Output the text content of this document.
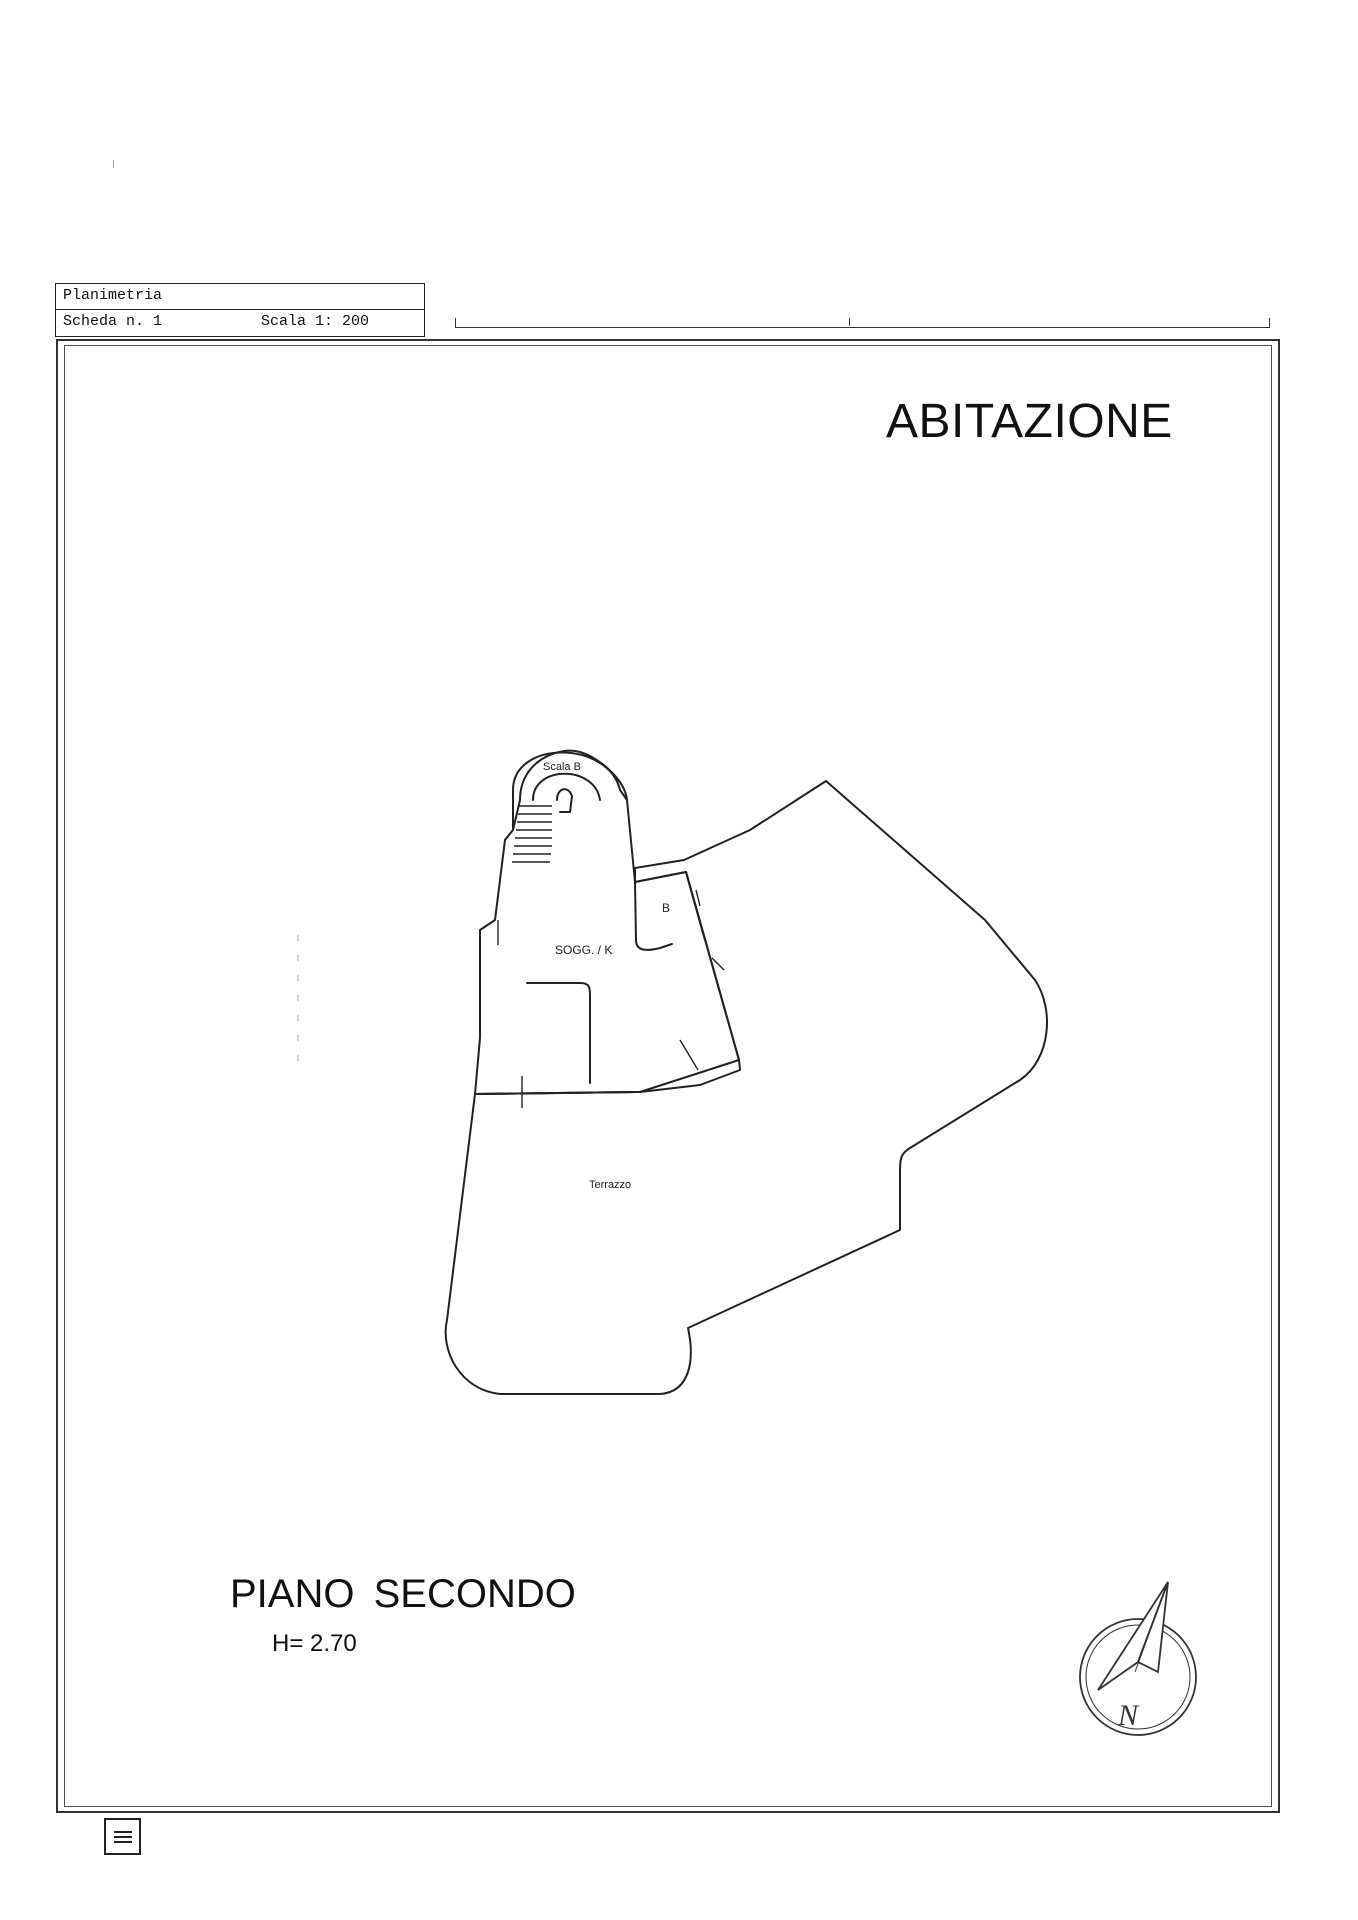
Planimetria
Scheda n. 1	Scala 1: 200
ABITAZIONE
Scala B
B
SOGG. / K
Terrazzo
N
PIANO SECONDO
H= 2.70
